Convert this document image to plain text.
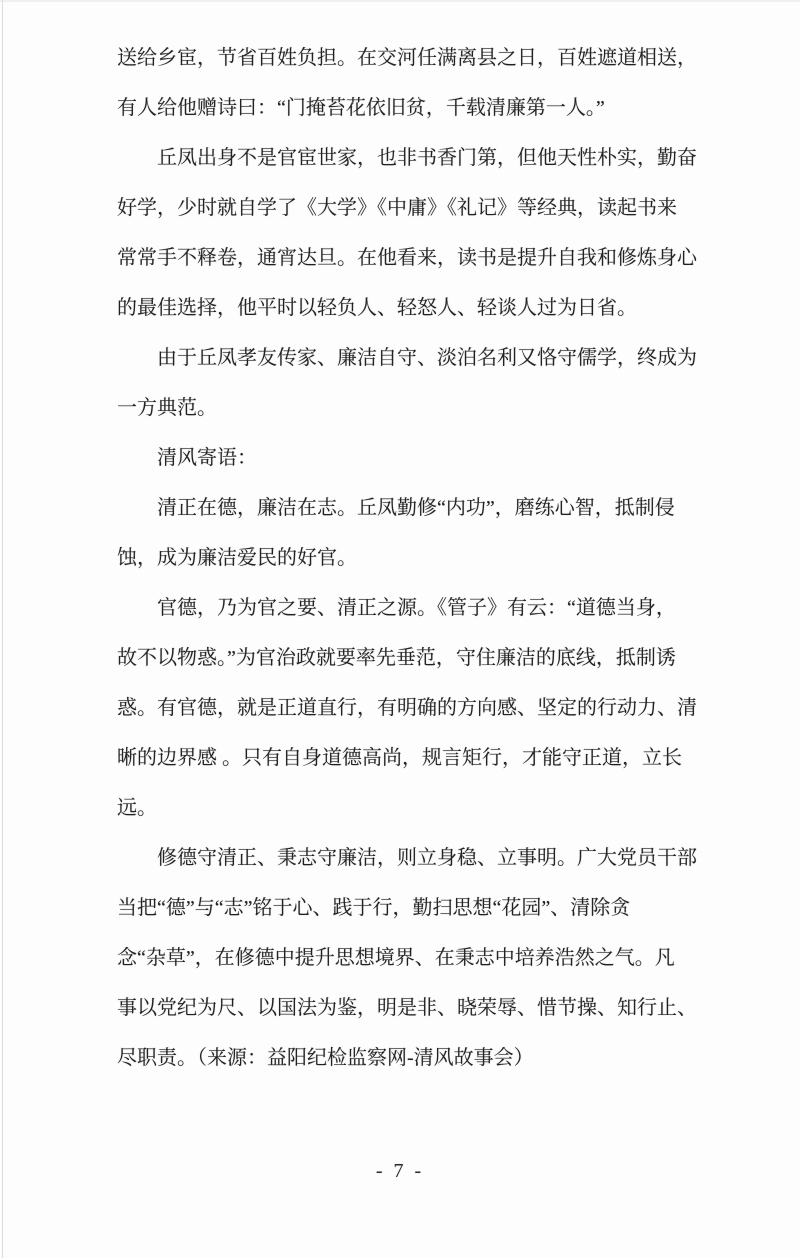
送给乡宦，节省百姓负担。在交河任满离县之日，百姓遮道相送，
有人给他赠诗曰：“门掩苔花依旧贫，千载清廉第一人。”
　　丘凤出身不是官宦世家，也非书香门第，但他天性朴实，勤奋
好学，少时就自学了《大学》《中庸》《礼记》等经典，读起书来
常常手不释卷，通宵达旦。在他看来，读书是提升自我和修炼身心
的最佳选择，他平时以轻负人、轻怒人、轻谈人过为日省。
　　由于丘凤孝友传家、廉洁自守、淡泊名利又恪守儒学，终成为
一方典范。
　　清风寄语：
　　清正在德，廉洁在志。丘凤勤修“内功”，磨练心智，抵制侵
蚀，成为廉洁爱民的好官。
　　官德，乃为官之要、清正之源。《管子》有云：“道德当身，
故不以物惑。”为官治政就要率先垂范，守住廉洁的底线，抵制诱
惑。有官德，就是正道直行，有明确的方向感、坚定的行动力、清
晰的边界感 。只有自身道德高尚，规言矩行，才能守正道，立长
远。
　　修德守清正、秉志守廉洁，则立身稳、立事明。广大党员干部
当把“德”与“志”铭于心、践于行，勤扫思想“花园”、清除贪
念“杂草”，在修德中提升思想境界、在秉志中培养浩然之气。凡
事以党纪为尺、以国法为鉴，明是非、晓荣辱、惜节操、知行止、
尽职责。（来源：益阳纪检监察网-清风故事会）
- 7 -
